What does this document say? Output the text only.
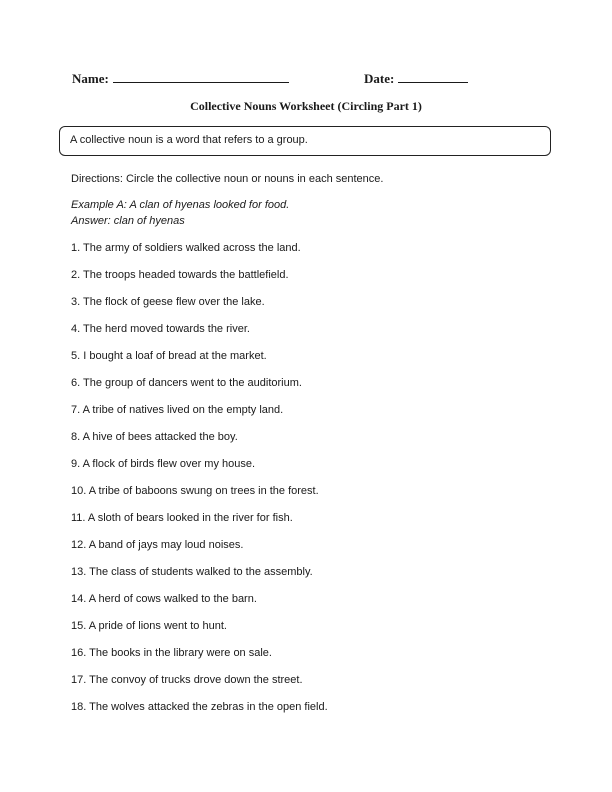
Name:	Date:
Collective Nouns Worksheet (Circling Part 1)
A collective noun is a word that refers to a group.
Directions: Circle the collective noun or nouns in each sentence.
Example A: A clan of hyenas looked for food.
Answer: clan of hyenas
1. The army of soldiers walked across the land.
2. The troops headed towards the battlefield.
3. The flock of geese flew over the lake.
4. The herd moved towards the river.
5. I bought a loaf of bread at the market.
6. The group of dancers went to the auditorium.
7. A tribe of natives lived on the empty land.
8. A hive of bees attacked the boy.
9. A flock of birds flew over my house.
10. A tribe of baboons swung on trees in the forest.
11. A sloth of bears looked in the river for fish.
12. A band of jays may loud noises.
13. The class of students walked to the assembly.
14. A herd of cows walked to the barn.
15. A pride of lions went to hunt.
16. The books in the library were on sale.
17. The convoy of trucks drove down the street.
18. The wolves attacked the zebras in the open field.
